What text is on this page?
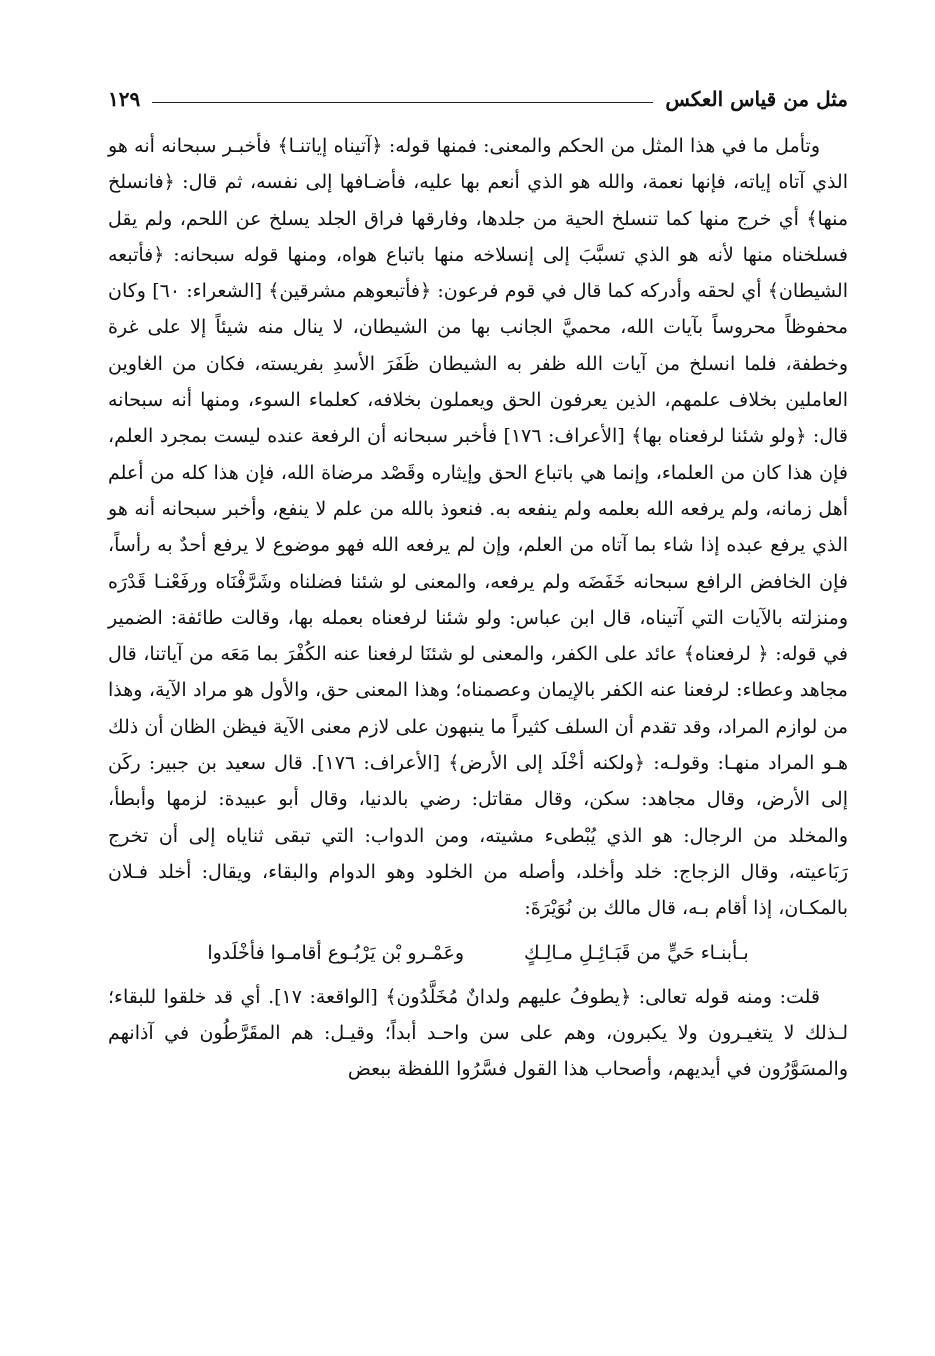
مثل من قياس العكس
١٢٩

وتأمل ما في هذا المثل من الحكم والمعنى: فمنها قوله: ﴿آتيناه إياتنـا﴾ فأخبـر سبحانه أنه هو الذي آتاه إياته، فإنها نعمة، والله هو الذي أنعم بها عليه، فأضـافها إلى نفسه، ثم قال: ﴿فانسلخ منها﴾ أي خرج منها كما تنسلخ الحية من جلدها، وفارقها فراق الجلد يسلخ عن اللحم، ولم يقل فسلخناه منها لأنه هو الذي تسبَّبَ إلى إنسلاخه منها باتباع هواه، ومنها قوله سبحانه: ﴿فأتبعه الشيطان﴾ أي لحقه وأدركه كما قال في قوم فرعون: ﴿فأتبعوهم مشرقين﴾ [الشعراء: ٦٠] وكان محفوظاً محروساً بآيات الله، محميَّ الجانب بها من الشيطان، لا ينال منه شيئاً إلا على غرة وخطفة، فلما انسلخ من آيات الله ظفر به الشيطان ظَفَرَ الأسدِ بفريسته، فكان من الغاوين العاملين بخلاف علمهم، الذين يعرفون الحق ويعملون بخلافه، كعلماء السوء، ومنها أنه سبحانه قال: ﴿ولو شئنا لرفعناه بها﴾ [الأعراف: ١٧٦] فأخبر سبحانه أن الرفعة عنده ليست بمجرد العلم، فإن هذا كان من العلماء، وإنما هي باتباع الحق وإيثاره وقَصْد مرضاة الله، فإن هذا كله من أعلم أهل زمانه، ولم يرفعه الله بعلمه ولم ينفعه به. فنعوذ بالله من علم لا ينفع، وأخبر سبحانه أنه هو الذي يرفع عبده إذا شاء بما آتاه من العلم، وإن لم يرفعه الله فهو موضوع لا يرفع أحدٌ به رأساً، فإن الخافض الرافع سبحانه خَفَضَه ولم يرفعه، والمعنى لو شئنا فضلناه وشَرَّفْنَاه ورفَعْنـا قَدْرَه ومنزلته بالآيات التي آتيناه، قال ابن عباس: ولو شئنا لرفعناه بعمله بها، وقالت طائفة: الضمير في قوله: ﴿ لرفعناه﴾ عائد على الكفر، والمعنى لو شئنَا لرفعنا عنه الكُفْرَ بما مَعَه من آياتنا، قال مجاهد وعطاء: لرفعنا عنه الكفر بالإيمان وعصمناه؛ وهذا المعنى حق، والأول هو مراد الآية، وهذا من لوازم المراد، وقد تقدم أن السلف كثيراً ما ينبهون على لازم معنى الآية فيظن الظان أن ذلك هـو المراد منهـا: وقولـه: ﴿ولكنه أخْلَد إلى الأرض﴾ [الأعراف: ١٧٦]. قال سعيد بن جبير: ركَن إلى الأرض، وقال مجاهد: سكن، وقال مقاتل: رضي بالدنيا، وقال أبو عبيدة: لزمها وأبطأ، والمخلد من الرجال: هو الذي يُبْطىء مشيته، ومن الدواب: التي تبقى ثناياه إلى أن تخرج رَبَاعيته، وقال الزجاج: خلد وأخلد، وأصله من الخلود وهو الدوام والبقاء، ويقال: أخلد فـلان بالمكـان، إذا أقام بـه، قال مالك بن نُوَيْرَةَ:

بـأبنـاء حَيٍّ من قَبَـائِـلِ مـالِـكٍ
وعَمْـرو بْن يَرْبُـوع أقامـوا فأخْلَدوا

قلت: ومنه قوله تعالى: ﴿يطوفُ عليهم ولدانٌ مُخَلَّدُون﴾ [الواقعة: ١٧]. أي قد خلقوا للبقاء؛ لـذلك لا يتغيـرون ولا يكبرون، وهم على سن واحـد أبداً؛ وقيـل: هم المقَرَّطُون في آذانهم والمسَوَّرُون في أيديهم، وأصحاب هذا القول فسَّرُوا اللفظة ببعض
